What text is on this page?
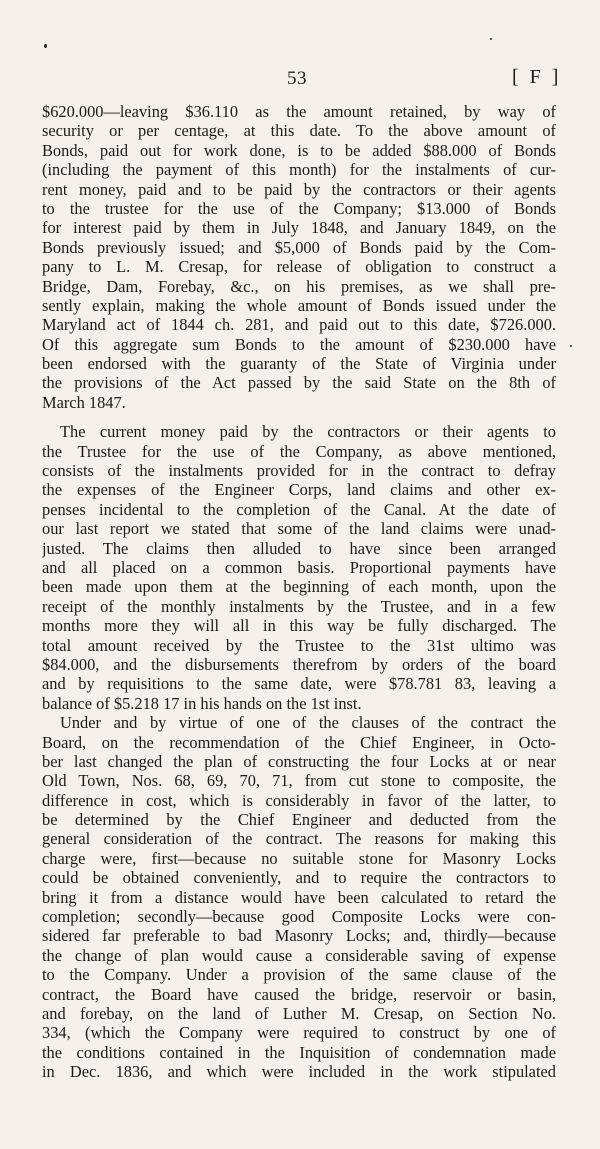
53	[ F ]
$620.000—leaving $36.110 as the amount retained, by way of
security or per centage, at this date. To the above amount of
Bonds, paid out for work done, is to be added $88.000 of Bonds
(including the payment of this month) for the instalments of cur-
rent money, paid and to be paid by the contractors or their agents
to the trustee for the use of the Company; $13.000 of Bonds
for interest paid by them in July 1848, and January 1849, on the
Bonds previously issued; and $5,000 of Bonds paid by the Com-
pany to L. M. Cresap, for release of obligation to construct a
Bridge, Dam, Forebay, &c., on his premises, as we shall pre-
sently explain, making the whole amount of Bonds issued under the
Maryland act of 1844 ch. 281, and paid out to this date, $726.000.
Of this aggregate sum Bonds to the amount of $230.000 have
been endorsed with the guaranty of the State of Virginia under
the provisions of the Act passed by the said State on the 8th of
March 1847.
The current money paid by the contractors or their agents to
the Trustee for the use of the Company, as above mentioned,
consists of the instalments provided for in the contract to defray
the expenses of the Engineer Corps, land claims and other ex-
penses incidental to the completion of the Canal. At the date of
our last report we stated that some of the land claims were unad-
justed. The claims then alluded to have since been arranged
and all placed on a common basis. Proportional payments have
been made upon them at the beginning of each month, upon the
receipt of the monthly instalments by the Trustee, and in a few
months more they will all in this way be fully discharged. The
total amount received by the Trustee to the 31st ultimo was
$84.000, and the disbursements therefrom by orders of the board
and by requisitions to the same date, were $78.781 83, leaving a
balance of $5.218 17 in his hands on the 1st inst.
Under and by virtue of one of the clauses of the contract the
Board, on the recommendation of the Chief Engineer, in Octo-
ber last changed the plan of constructing the four Locks at or near
Old Town, Nos. 68, 69, 70, 71, from cut stone to composite, the
difference in cost, which is considerably in favor of the latter, to
be determined by the Chief Engineer and deducted from the
general consideration of the contract. The reasons for making this
charge were, first—because no suitable stone for Masonry Locks
could be obtained conveniently, and to require the contractors to
bring it from a distance would have been calculated to retard the
completion; secondly—because good Composite Locks were con-
sidered far preferable to bad Masonry Locks; and, thirdly—because
the change of plan would cause a considerable saving of expense
to the Company. Under a provision of the same clause of the
contract, the Board have caused the bridge, reservoir or basin,
and forebay, on the land of Luther M. Cresap, on Section No.
334, (which the Company were required to construct by one of
the conditions contained in the Inquisition of condemnation made
in Dec. 1836, and which were included in the work stipulated
